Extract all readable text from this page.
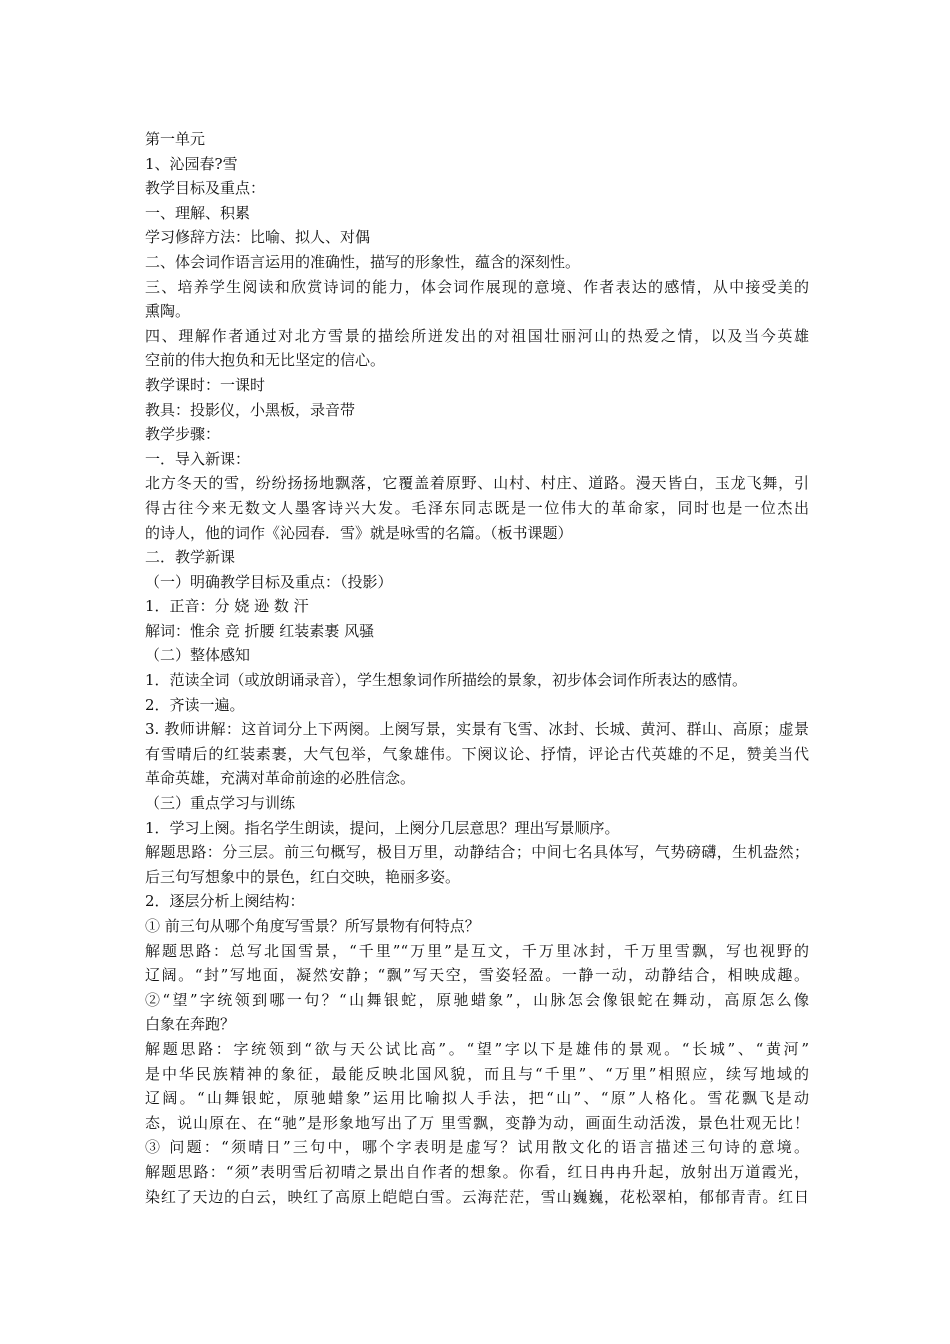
第一单元
1、沁园春?雪
教学目标及重点：
一、理解、积累
学习修辞方法：比喻、拟人、对偶
二、体会词作语言运用的准确性，描写的形象性，蕴含的深刻性。
三、培养学生阅读和欣赏诗词的能力，体会词作展现的意境、作者表达的感情，从中接受美的
熏陶。
四、理解作者通过对北方雪景的描绘所迸发出的对祖国壮丽河山的热爱之情，以及当今英雄
空前的伟大抱负和无比坚定的信心。
教学课时：一课时
教具：投影仪，小黑板，录音带
教学步骤：
一．导入新课：
北方冬天的雪，纷纷扬扬地飘落，它覆盖着原野、山村、村庄、道路。漫天皆白，玉龙飞舞，引
得古往今来无数文人墨客诗兴大发。毛泽东同志既是一位伟大的革命家，同时也是一位杰出
的诗人，他的词作《沁园春．雪》就是咏雪的名篇。（板书课题）
二．教学新课
（一）明确教学目标及重点：（投影）
1．正音：分 娆 逊 数 汗
解词：惟余 竞 折腰 红装素裹 风骚
（二）整体感知
1．范读全词（或放朗诵录音），学生想象词作所描绘的景象，初步体会词作所表达的感情。
2．齐读一遍。
3. 教师讲解：这首词分上下两阕。上阕写景，实景有飞雪、冰封、长城、黄河、群山、高原；虚景
有雪晴后的红装素裹，大气包举，气象雄伟。下阕议论、抒情，评论古代英雄的不足，赞美当代
革命英雄，充满对革命前途的必胜信念。
（三）重点学习与训练
1．学习上阕。指名学生朗读，提问，上阕分几层意思？理出写景顺序。
解题思路：分三层。前三句概写，极目万里，动静结合；中间七名具体写，气势磅礴，生机盎然；
后三句写想象中的景色，红白交映，艳丽多姿。
2．逐层分析上阕结构：
① 前三句从哪个角度写雪景？所写景物有何特点？
解题思路：总写北国雪景，“千里”“万里”是互文，千万里冰封，千万里雪飘，写也视野的
辽阔。“封”写地面，凝然安静；“飘”写天空，雪姿轻盈。一静一动，动静结合，相映成趣。
②“望”字统领到哪一句？“山舞银蛇，原驰蜡象”，山脉怎会像银蛇在舞动，高原怎么像
白象在奔跑？
解题思路：字统领到“欲与天公试比高”。“望”字以下是雄伟的景观。“长城”、“黄河”
是中华民族精神的象征，最能反映北国风貌，而且与“千里”、“万里”相照应，续写地域的
辽阔。“山舞银蛇，原驰蜡象”运用比喻拟人手法，把“山”、“原”人格化。雪花飘飞是动
态，说山原在、在“驰”是形象地写出了万 里雪飘，变静为动，画面生动活泼，景色壮观无比！
③ 问题：“须晴日”三句中，哪个字表明是虚写？试用散文化的语言描述三句诗的意境。
解题思路：“须”表明雪后初晴之景出自作者的想象。你看，红日冉冉升起，放射出万道霞光，
染红了天边的白云，映红了高原上皑皑白雪。云海茫茫，雪山巍巍，花松翠柏，郁郁青青。红日
